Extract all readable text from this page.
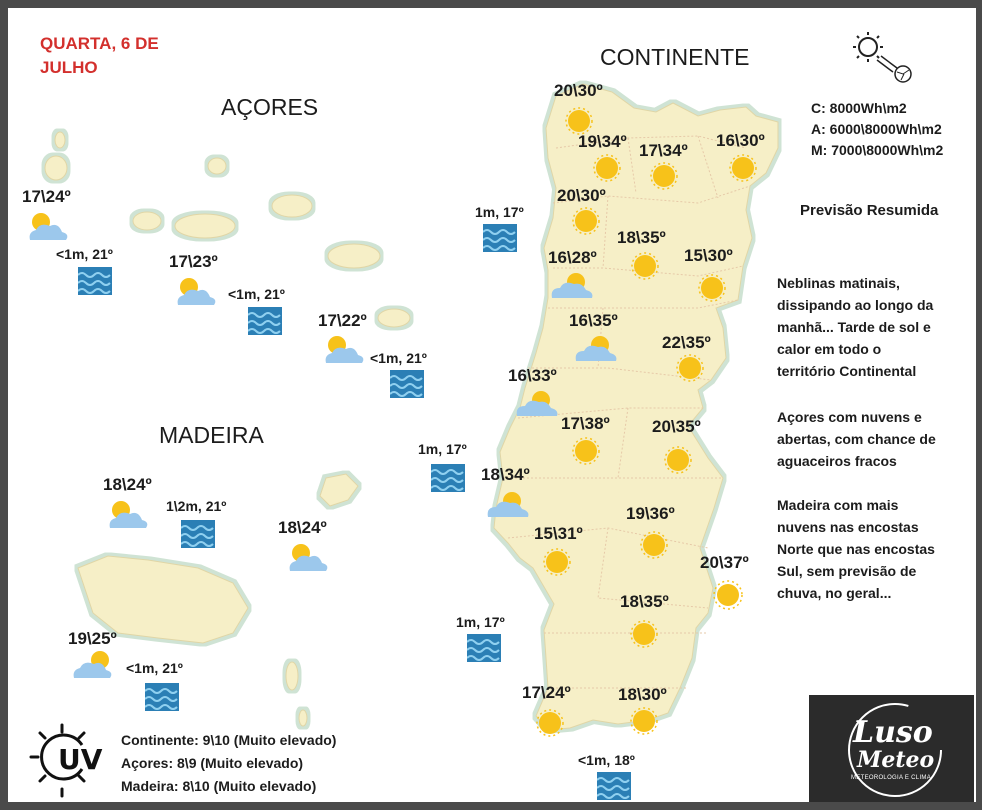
QUARTA, 6 DE
JULHO
AÇORES
MADEIRA
CONTINENTE
C: 8000Wh\m2
A: 6000\8000Wh\m2
M: 7000\8000Wh\m2
Previsão Resumida
Neblinas matinais,
dissipando ao longo da
manhã... Tarde de sol e
calor em todo o
território Continental
Açores com nuvens e
abertas, com chance de
aguaceiros fracos
Madeira com mais
nuvens nas encostas
Norte que nas encostas
Sul, sem previsão de
chuva, no geral...
UV
Continente: 9\10 (Muito elevado)
Açores: 8\9 (Muito elevado)
Madeira: 8\10 (Muito elevado)
Luso
Meteo
METEOROLOGIA E CLIMA
20\30º
19\34º 17\34º
16\30º
20\30º
18\35º
16\28º	15\30º
16\35º
22\35º
16\33º
17\38º 20\35º
18\34º
19\36º
15\31º
20\37º
18\35º
17\24º	18\30º
17\24º
17\23º
17\22º
18\24º
18\24º
19\25º
<1m, 21º
<1m, 21º
<1m, 21º
1m, 17º
1\2m, 21º
<1m, 21º
1m, 17º
1m, 17º
<1m, 18º
